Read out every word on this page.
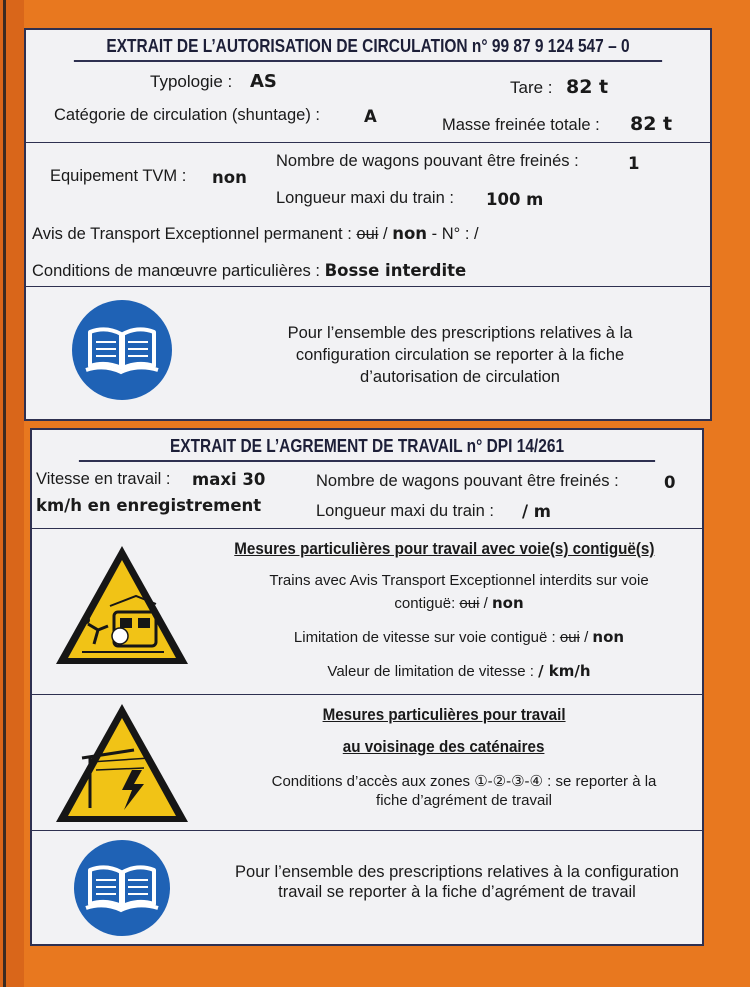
EXTRAIT DE L’AUTORISATION DE CIRCULATION n° 99 87 9 124 547 – 0
Typologie : AS	Tare : 82 t
Catégorie de circulation (shuntage) :	A	Masse freinée totale : 82 t
Nombre de wagons pouvant être freinés :	1
Equipement TVM : non
Longueur maxi du train : 100 m
Avis de Transport Exceptionnel permanent : oui / non - N° : /
Conditions de manœuvre particulières : Bosse interdite
Pour l’ensemble des prescriptions relatives à la configuration circulation se reporter à la fiche d’autorisation de circulation
EXTRAIT DE L’AGREMENT DE TRAVAIL n° DPI 14/261
Vitesse en travail : maxi 30
km/h en enregistrement
Nombre de wagons pouvant être freinés :	0
Longueur maxi du train : / m
Mesures particulières pour travail avec voie(s) contiguë(s)
Trains avec Avis Transport Exceptionnel interdits sur voie
contiguë: oui / non
Limitation de vitesse sur voie contiguë : oui / non
Valeur de limitation de vitesse : / km/h
Mesures particulières pour travail
au voisinage des caténaires
Conditions d’accès aux zones ①-②-③-④ : se reporter à la
fiche d’agrément de travail
Pour l’ensemble des prescriptions relatives à la configuration travail se reporter à la fiche d’agrément de travail
